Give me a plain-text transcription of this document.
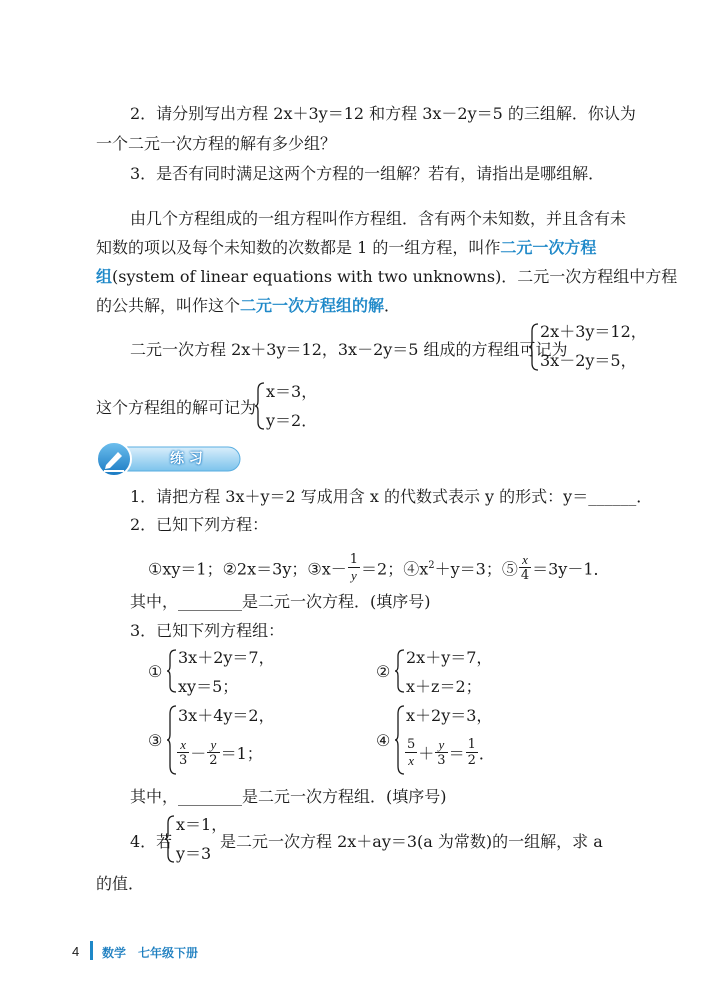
2．请分别写出方程 2x＋3y＝12 和方程 3x－2y＝5 的三组解．你认为
一个二元一次方程的解有多少组？
3．是否有同时满足这两个方程的一组解？若有，请指出是哪组解．
由几个方程组成的一组方程叫作方程组．含有两个未知数，并且含有未
知数的项以及每个未知数的次数都是 1 的一组方程，叫作二元一次方程
组(system of linear equations with two unknowns)．二元一次方程组中方程
的公共解，叫作这个二元一次方程组的解．
二元一次方程 2x＋3y＝12，3x－2y＝5 组成的方程组可记为
2x＋3y＝12，
3x－2y＝5，
这个方程组的解可记为
x＝3，
y＝2．
练 习
1．请把方程 3x＋y＝2 写成用含 x 的代数式表示 y 的形式：y＝______．
2．已知下列方程：
①xy＝1；②2x＝3y；③x－ $\frac{1}{y} =2$；$④x^2+y=3$；⑤ $\frac{x}{4} =3y-1$．
其中，________是二元一次方程．(填序号)
3．已知下列方程组：
①
3x＋2y＝7，
xy＝5；
②
2x＋y＝7，
x＋z＝2；
③
3x＋4y＝2，
$\frac{x}{3} - \frac{y}{2} =1$；
④
x＋2y＝3，
$\frac{5}{x} + \frac{y}{3} = \frac{1}{2}$ ．
其中，________是二元一次方程组．(填序号)
4．若
x＝1，
y＝3
是二元一次方程 2x＋ay＝3(a 为常数)的一组解，求 a
的值．
4 数学　七年级下册
